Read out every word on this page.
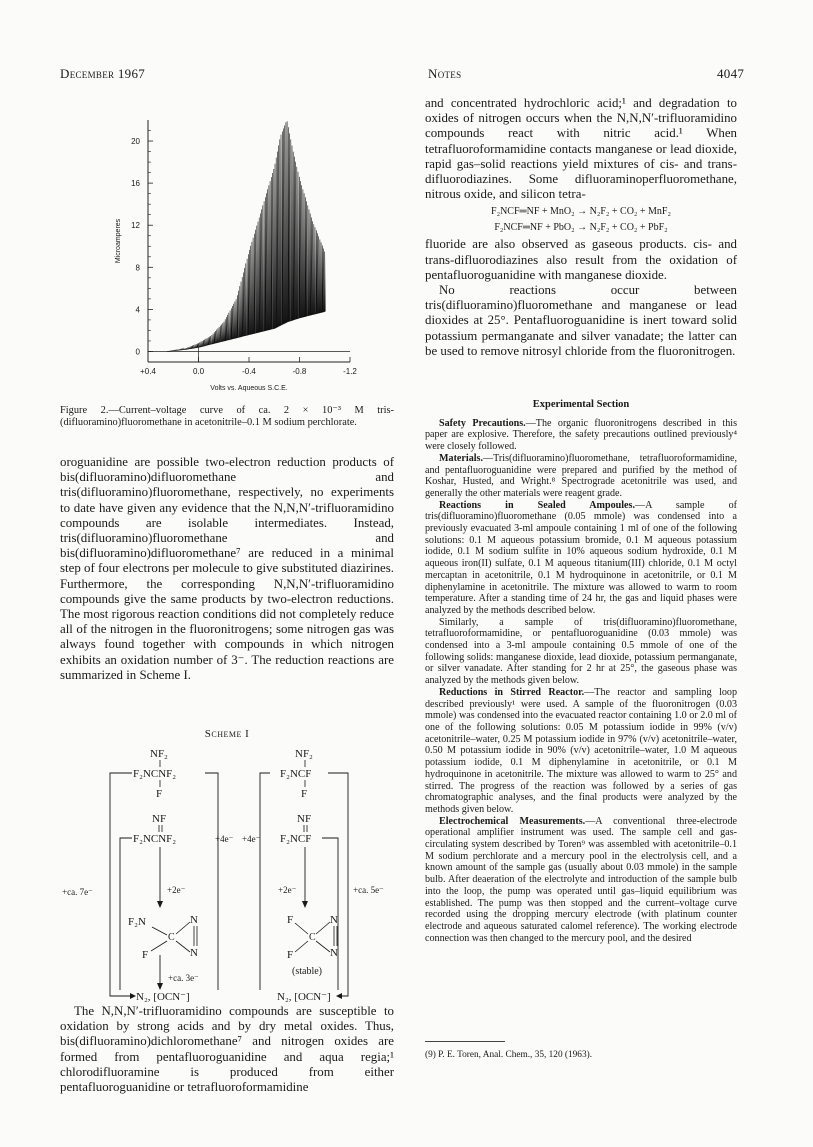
December 1967	Notes	4047
0
4
8
12
16
20
+0.4	0.0	-0.4	-0.8	-1.2
Volts vs. Aqueous S.C.E.
Microamperes
Figure 2.—Current–voltage curve of ca. 2 × 10⁻³ M tris-(difluoramino)fluoromethane in acetonitrile–0.1 M sodium perchlorate.

oroguanidine are possible two-electron reduction products of bis(difluoramino)difluoromethane and tris(difluoramino)fluoromethane, respectively, no experiments to date have given any evidence that the N,N,N′-trifluoramidino compounds are isolable intermediates. Instead, tris(difluoramino)fluoromethane and bis(difluoramino)difluoromethane⁷ are reduced in a minimal step of four electrons per molecule to give substituted diazirines. Furthermore, the corresponding N,N,N′-trifluoramidino compounds give the same products by two-electron reductions. The most rigorous reaction conditions did not completely reduce all of the nitrogen in the fluoronitrogens; some nitrogen gas was always found together with compounds in which nitrogen exhibits an oxidation number of 3⁻. The reduction reactions are summarized in Scheme I.

Scheme I
NF₂
F₂NCNF₂
F
NF₂
F₂NCF
F
NF
F₂NCNF₂
NF
F₂NCF
+4e⁻ +4e⁻
+ca. 7e⁻	+2e⁻	+2e⁻	+ca. 5e⁻
F₂N
C
N
N
F
F
C
N
N
F
(stable)
+ca. 3e⁻
N₂, [OCN⁻]	N₂, [OCN⁻]

The N,N,N′-trifluoramidino compounds are susceptible to oxidation by strong acids and by dry metal oxides. Thus, bis(difluoramino)dichloromethane⁷ and nitrogen oxides are formed from pentafluoroguanidine and aqua regia;¹ chlorodifluoramine is produced from either pentafluoroguanidine or tetrafluoroformamidine

and concentrated hydrochloric acid;¹ and degradation to oxides of nitrogen occurs when the N,N,N′-trifluoramidino compounds react with nitric acid.¹ When tetrafluoroformamidine contacts manganese or lead dioxide, rapid gas–solid reactions yield mixtures of cis- and trans-difluorodiazines. Some difluoraminoperfluoromethane, nitrous oxide, and silicon tetra-

F₂NCF═NF + MnO₂ → N₂F₂ + CO₂ + MnF₂
F₂NCF═NF + PbO₂ → N₂F₂ + CO₂ + PbF₂

fluoride are also observed as gaseous products. cis- and trans-difluorodiazines also result from the oxidation of pentafluoroguanidine with manganese dioxide.

No reactions occur between tris(difluoramino)fluoromethane and manganese or lead dioxides at 25°. Pentafluoroguanidine is inert toward solid potassium permanganate and silver vanadate; the latter can be used to remove nitrosyl chloride from the fluoronitrogen.

Experimental Section

Safety Precautions.—The organic fluoronitrogens described in this paper are explosive. Therefore, the safety precautions outlined previously⁴ were closely followed.

Materials.—Tris(difluoramino)fluoromethane, tetrafluoroformamidine, and pentafluoroguanidine were prepared and purified by the method of Koshar, Husted, and Wright.⁸ Spectrograde acetonitrile was used, and generally the other materials were reagent grade.

Reactions in Sealed Ampoules.—A sample of tris(difluoramino)fluoromethane (0.05 mmole) was condensed into a previously evacuated 3-ml ampoule containing 1 ml of one of the following solutions: 0.1 M aqueous potassium bromide, 0.1 M aqueous potassium iodide, 0.1 M sodium sulfite in 10% aqueous sodium hydroxide, 0.1 M aqueous iron(II) sulfate, 0.1 M aqueous titanium(III) chloride, 0.1 M octyl mercaptan in acetonitrile, 0.1 M hydroquinone in acetonitrile, or 0.1 M diphenylamine in acetonitrile. The mixture was allowed to warm to room temperature. After a standing time of 24 hr, the gas and liquid phases were analyzed by the methods described below.

Similarly, a sample of tris(difluoramino)fluoromethane, tetrafluoroformamidine, or pentafluoroguanidine (0.03 mmole) was condensed into a 3-ml ampoule containing 0.5 mmole of one of the following solids: manganese dioxide, lead dioxide, potassium permanganate, or silver vanadate. After standing for 2 hr at 25°, the gaseous phase was analyzed by the methods given below.

Reductions in Stirred Reactor.—The reactor and sampling loop described previously¹ were used. A sample of the fluoronitrogen (0.03 mmole) was condensed into the evacuated reactor containing 1.0 or 2.0 ml of one of the following solutions: 0.05 M potassium iodide in 99% (v/v) acetonitrile–water, 0.25 M potassium iodide in 97% (v/v) acetonitrile–water, 0.50 M potassium iodide in 90% (v/v) acetonitrile–water, 1.0 M aqueous potassium iodide, 0.1 M diphenylamine in acetonitrile, or 0.1 M hydroquinone in acetonitrile. The mixture was allowed to warm to 25° and stirred. The progress of the reaction was followed by a series of gas chromatographic analyses, and the final products were analyzed by the methods given below.

Electrochemical Measurements.—A conventional three-electrode operational amplifier instrument was used. The sample cell and gas-circulating system described by Toren⁹ was assembled with acetonitrile–0.1 M sodium perchlorate and a mercury pool in the electrolysis cell, and a known amount of the sample gas (usually about 0.03 mmole) in the sample bulb. After deaeration of the electrolyte and introduction of the sample bulb into the loop, the pump was operated until gas–liquid equilibrium was established. The pump was then stopped and the current–voltage curve recorded using the dropping mercury electrode (with platinum counter electrode and aqueous saturated calomel reference). The working electrode connection was then changed to the mercury pool, and the desired

(9) P. E. Toren, Anal. Chem., 35, 120 (1963).
